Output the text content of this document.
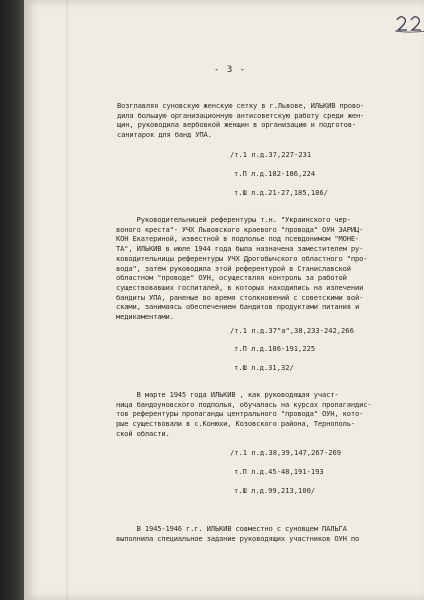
- 3 -
Возглавляя суновскую женскую сетку в г.Львове, ИЛЬКИВ прово-
дила большую организационную антисоветскую работу среди жен-
щин, руководила вербовкой женщин в организацию и подготов-
санитарок для банд УПА.
/т.1 л.д.37,227-231
т.П л.д.182-186,224
т.Ш л.д.21-27,185,186/
.  .  .  . . .
Руководительницей референтуры т.н. "Украинского чер-
воного креста"- УЧХ Львовского краевого "провода" ОУН ЗАРИЦ-
КОН Екатериной, известной в подполье под псевдонимом "МОНЕ-
ТА", ИЛЬКИВ в июле 1944 года была назначена заместителем ру-
ководительницы референтуры УЧХ Дрогобычского областного "про-
вода", затем руководила этой референтурой в Станиславской
областном "проводе" ОУН, осуществляя контроль за работой
существовавших госпиталей, в которых находились на излечении
бандиты УПА, раненые во время столкновений с советскими вой-
сками, занимаясь обеспечением бандитов продуктами питания и
медикаментами.
/т.1 л.д.37"а",38,233-242,266
т.П л.д.186-191,225
т.Ш л.д.31,32/
В марте 1945 года ИЛЬКИВ , как руководящая участ-
ница бандоуновского подполья, обучалась на курсах пропагандис-
тов референтуры пропаганды центрального "провода" ОУН, кото-
рые существовали в с.Конюхи, Козовского района, Тернополь-
ской области.
/т.1 л.д.38,39,147,267-269
т.П л.д.45-48,191-193
т.Ш л.д.99,213,100/
В 1945-1946 г.г. ИЛЬКИВ совместно с суновцем ПАЛЬГА
выполнила специальное задание руководящих участников ОУН по
